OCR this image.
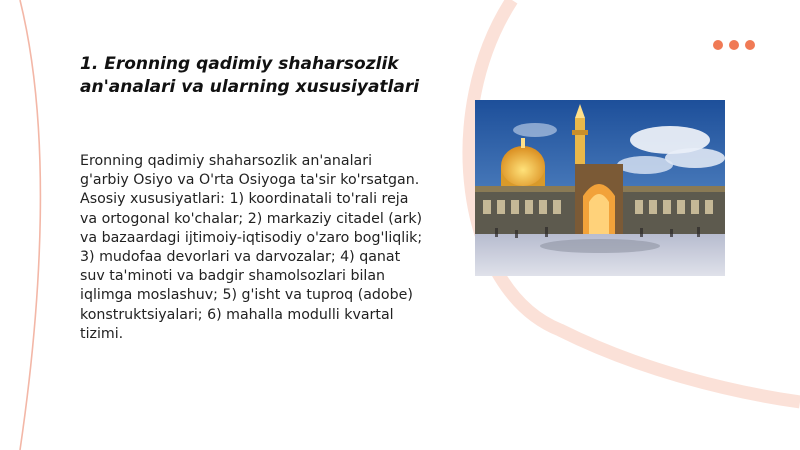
1. Eronning qadimiy shaharsozlik an'analari va ularning xususiyatlari

Eronning qadimiy shaharsozlik an'analari g'arbiy Osiyo va O'rta Osiyoga ta'sir ko'rsatgan. Asosiy xususiyatlari: 1) koordinatali to'rali reja va ortogonal ko'chalar; 2) markaziy citadel (ark) va bazaardagi ijtimoiy-iqtisodiy o'zaro bog'liqlik; 3) mudofaa devorlari va darvozalar; 4) qanat suv ta'minoti va badgir shamolsozlari bilan iqlimga moslashuv; 5) g'isht va tuproq (adobe) konstruktsiyalari; 6) mahalla modulli kvartal tizimi.
